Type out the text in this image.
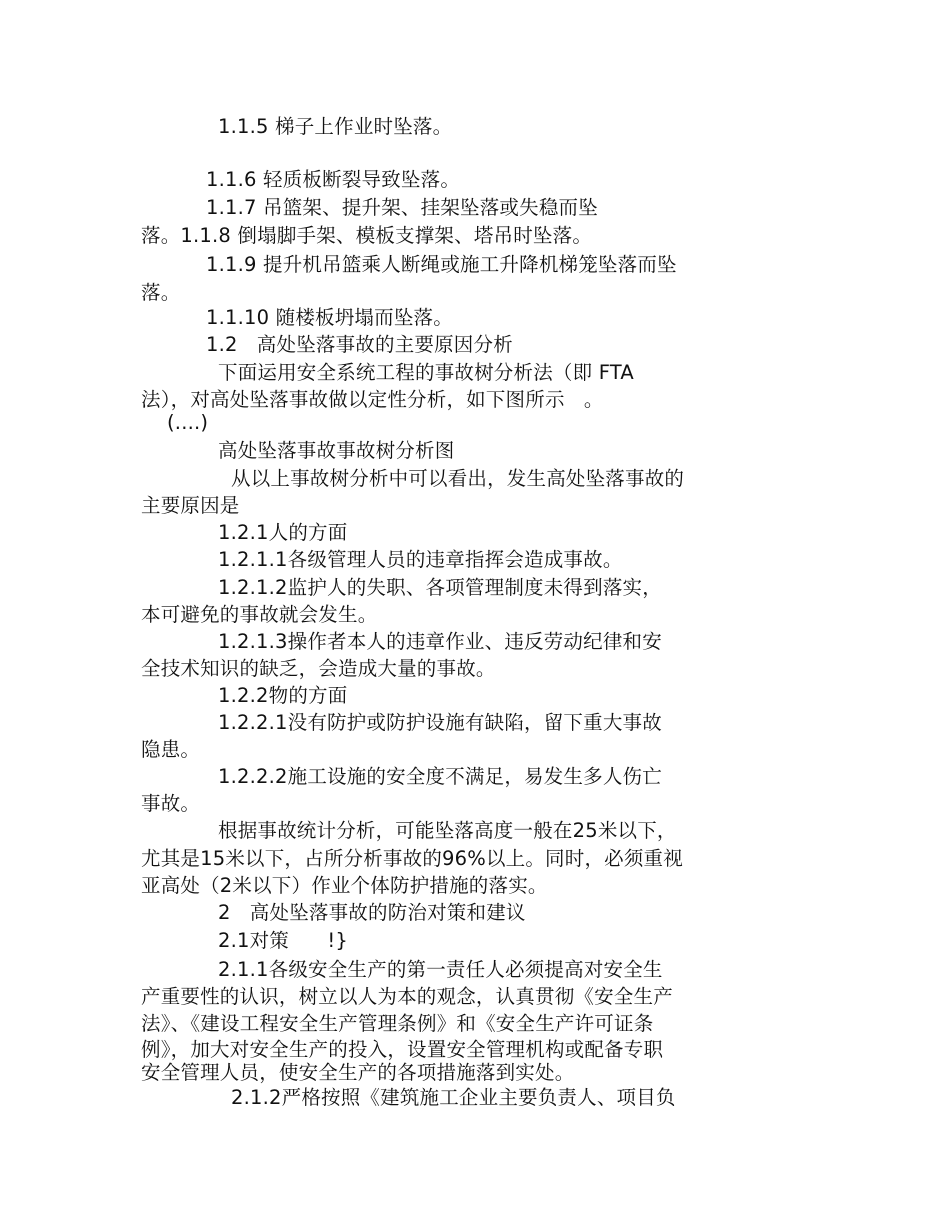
1.1.5 梯子上作业时坠落。
1.1.6 轻质板断裂导致坠落。
1.1.7 吊篮架、提升架、挂架坠落或失稳而坠
落。1.1.8 倒塌脚手架、模板支撑架、塔吊时坠落。
1.1.9 提升机吊篮乘人断绳或施工升降机梯笼坠落而坠
落。
1.1.10 随楼板坍塌而坠落。
1.2   高处坠落事故的主要原因分析
下面运用安全系统工程的事故树分析法（即 FTA
法），对高处坠落事故做以定性分析，如下图所示   。
(....)
高处坠落事故事故树分析图
从以上事故树分析中可以看出，发生高处坠落事故的
主要原因是
1.2.1人的方面
1.2.1.1各级管理人员的违章指挥会造成事故。
1.2.1.2监护人的失职、各项管理制度未得到落实，
本可避免的事故就会发生。
1.2.1.3操作者本人的违章作业、违反劳动纪律和安
全技术知识的缺乏，会造成大量的事故。
1.2.2物的方面
1.2.2.1没有防护或防护设施有缺陷，留下重大事故
隐患。
1.2.2.2施工设施的安全度不满足，易发生多人伤亡
事故。
根据事故统计分析，可能坠落高度一般在25米以下，
尤其是15米以下，占所分析事故的96%以上。同时，必须重视
亚高处（2米以下）作业个体防护措施的落实。
2   高处坠落事故的防治对策和建议
2.1对策      !}
2.1.1各级安全生产的第一责任人必须提高对安全生
产重要性的认识，树立以人为本的观念，认真贯彻《安全生产
法》、《建设工程安全生产管理条例》和《安全生产许可证条
例》，加大对安全生产的投入，设置安全管理机构或配备专职
安全管理人员，使安全生产的各项措施落到实处。
2.1.2严格按照《建筑施工企业主要负责人、项目负
